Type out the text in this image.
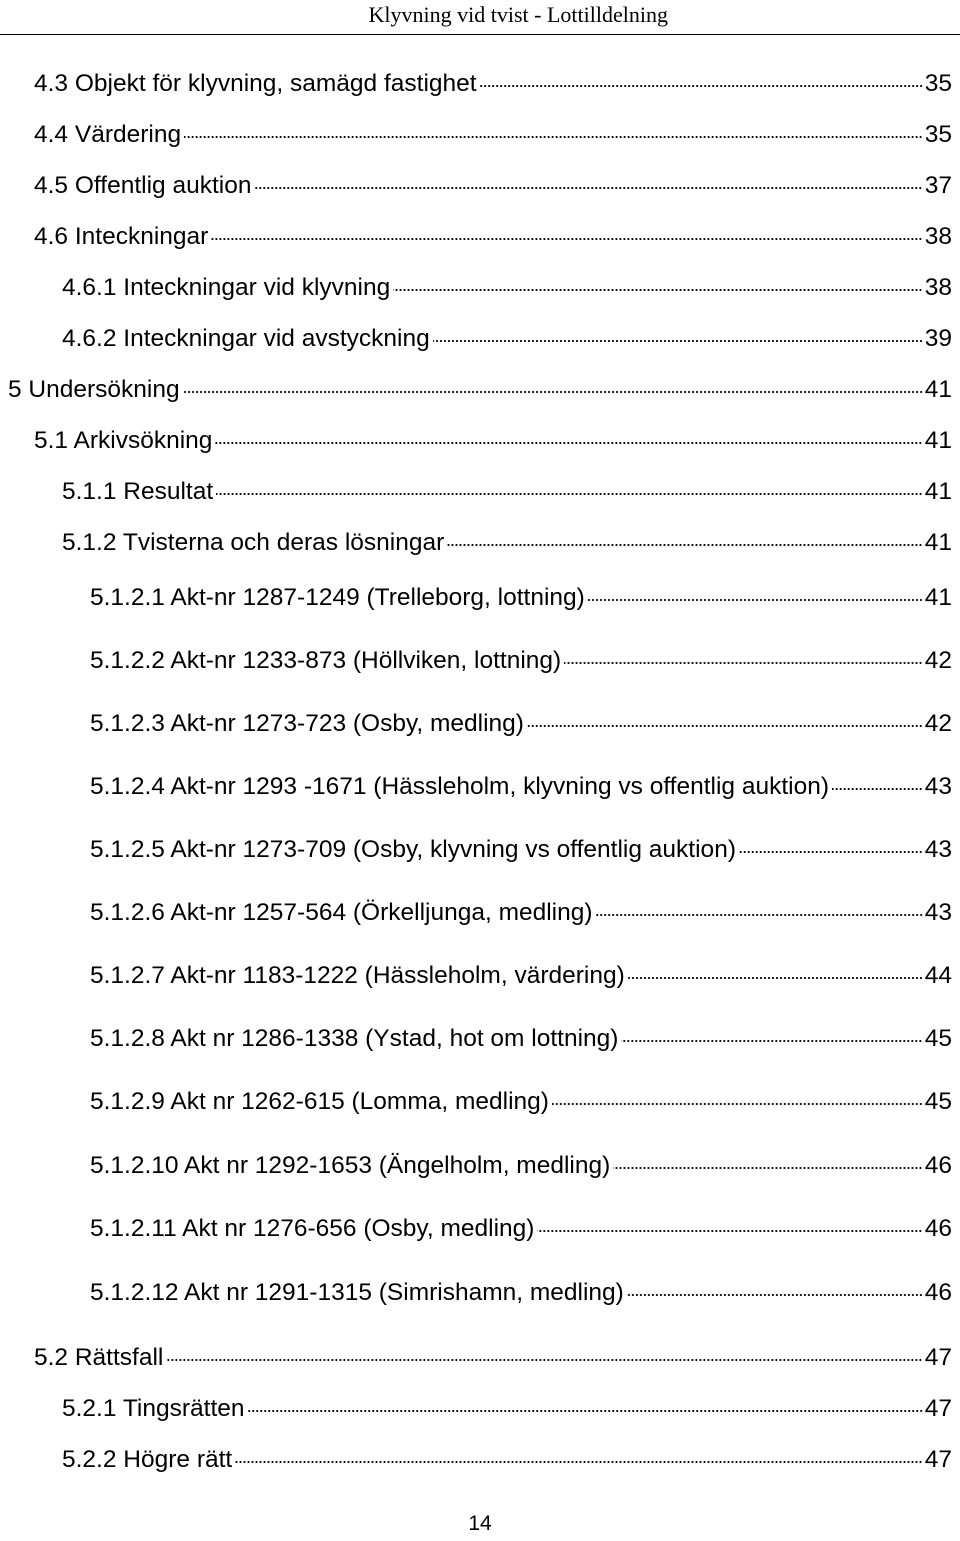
Klyvning vid tvist - Lottilldelning
4.3 Objekt för klyvning, samägd fastighet	35
4.4 Värdering	35
4.5 Offentlig auktion	37
4.6 Inteckningar	38
4.6.1 Inteckningar vid klyvning	38
4.6.2 Inteckningar vid avstyckning	39
5 Undersökning	41
5.1 Arkivsökning	41
5.1.1 Resultat	41
5.1.2 Tvisterna och deras lösningar	41
5.1.2.1 Akt-nr 1287-1249 (Trelleborg, lottning)	41
5.1.2.2 Akt-nr 1233-873 (Höllviken, lottning)	42
5.1.2.3 Akt-nr 1273-723 (Osby, medling)	42
5.1.2.4 Akt-nr 1293 -1671 (Hässleholm, klyvning vs offentlig auktion)	43
5.1.2.5 Akt-nr 1273-709 (Osby, klyvning vs offentlig auktion)	43
5.1.2.6 Akt-nr 1257-564 (Örkelljunga, medling)	43
5.1.2.7 Akt-nr 1183-1222 (Hässleholm, värdering)	44
5.1.2.8 Akt nr 1286-1338 (Ystad, hot om lottning)	45
5.1.2.9 Akt nr 1262-615 (Lomma, medling)	45
5.1.2.10 Akt nr 1292-1653 (Ängelholm, medling)	46
5.1.2.11 Akt nr 1276-656 (Osby, medling)	46
5.1.2.12 Akt nr 1291-1315 (Simrishamn, medling)	46
5.2 Rättsfall	47
5.2.1 Tingsrätten	47
5.2.2 Högre rätt	47
14
